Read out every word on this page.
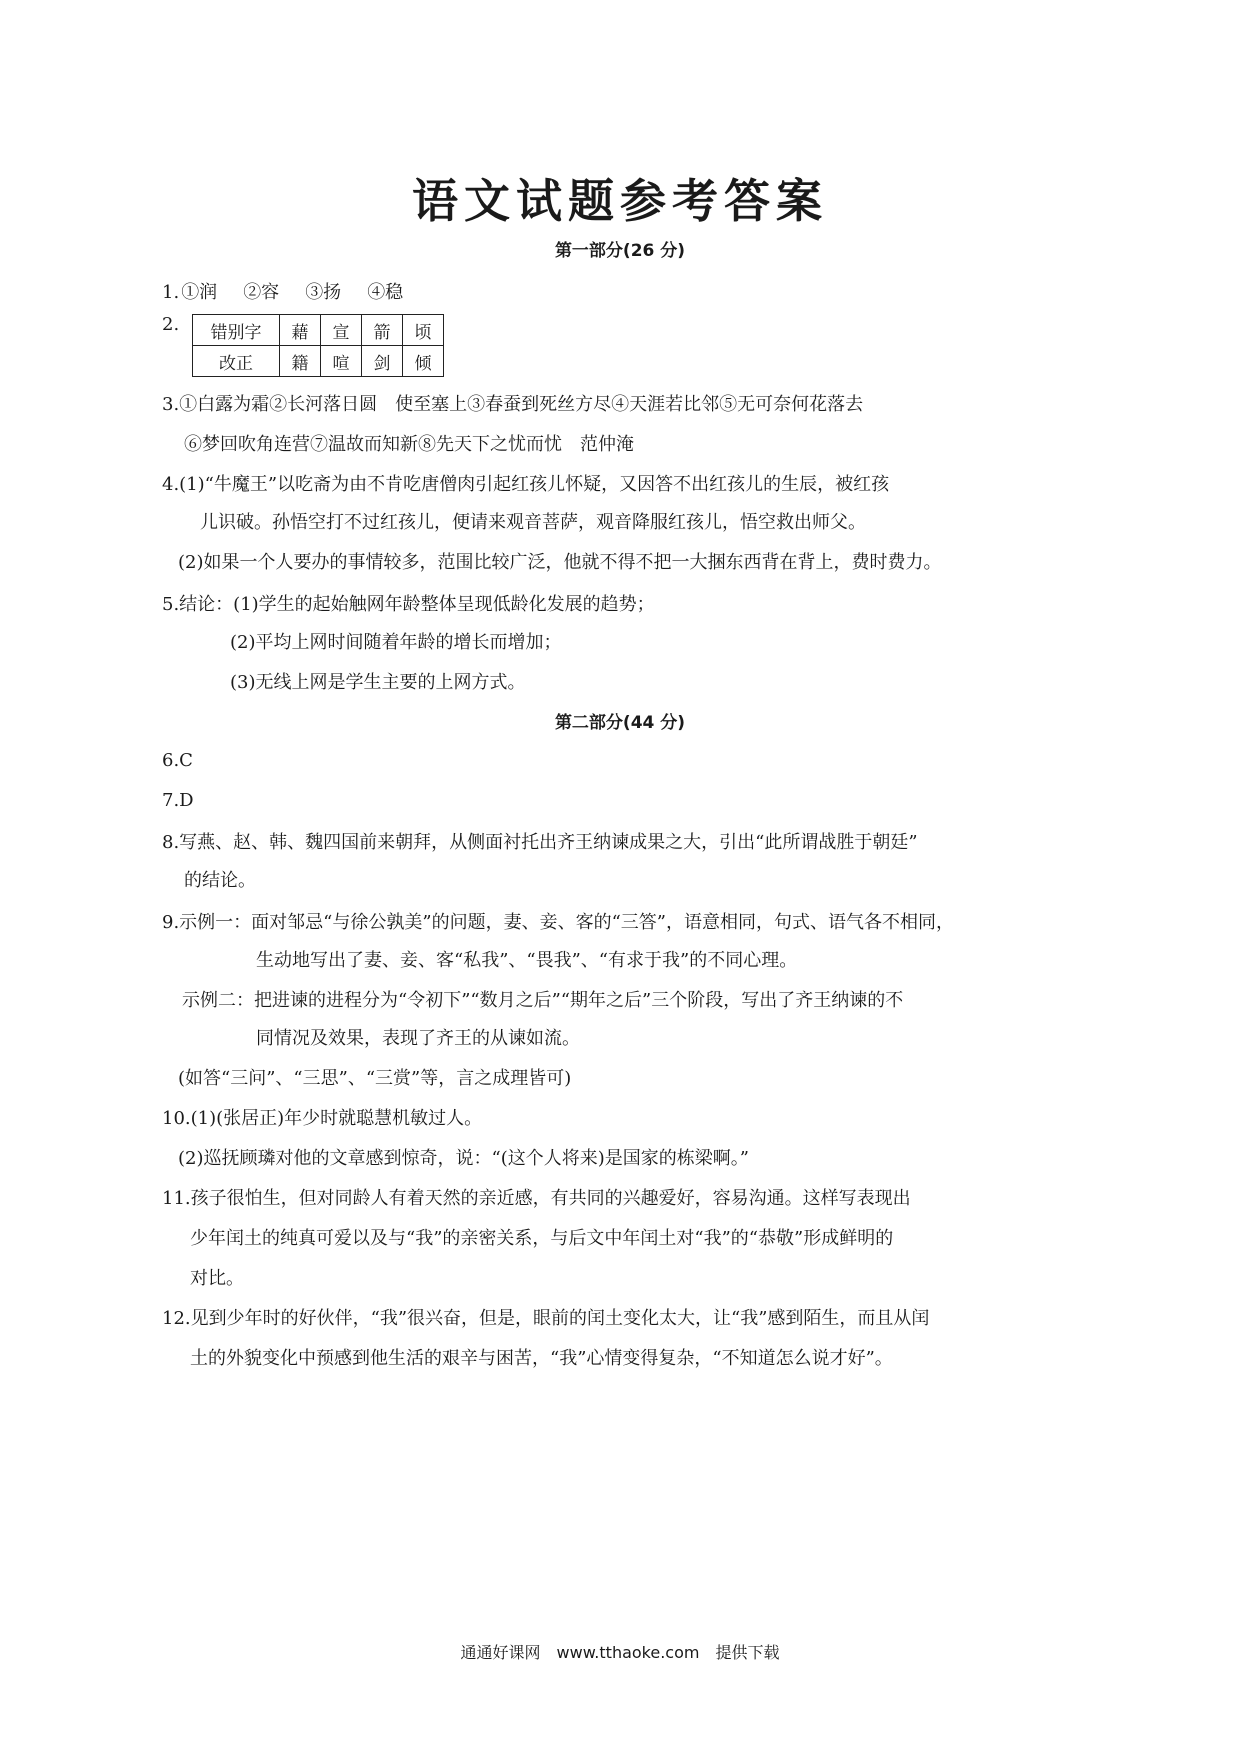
语文试题参考答案
第一部分(26 分)
1. ①润 ②容 ③扬 ④稳
2. 错别字	藉	宣	箭	顷
改正	籍	喧	剑	倾
3.①白露为霜②长河落日圆　使至塞上③春蚕到死丝方尽④天涯若比邻⑤无可奈何花落去
⑥梦回吹角连营⑦温故而知新⑧先天下之忧而忧　范仲淹
4.(1)“牛魔王”以吃斋为由不肯吃唐僧肉引起红孩儿怀疑，又因答不出红孩儿的生辰，被红孩
儿识破。孙悟空打不过红孩儿，便请来观音菩萨，观音降服红孩儿，悟空救出师父。
(2)如果一个人要办的事情较多，范围比较广泛，他就不得不把一大捆东西背在背上，费时费力。
5.结论：(1)学生的起始触网年龄整体呈现低龄化发展的趋势；
(2)平均上网时间随着年龄的增长而增加；
(3)无线上网是学生主要的上网方式。
第二部分(44 分)
6.C
7.D
8.写燕、赵、韩、魏四国前来朝拜，从侧面衬托出齐王纳谏成果之大，引出“此所谓战胜于朝廷”
的结论。
9.示例一：面对邹忌“与徐公孰美”的问题，妻、妾、客的“三答”，语意相同，句式、语气各不相同，
生动地写出了妻、妾、客“私我”、“畏我”、“有求于我”的不同心理。
示例二：把进谏的进程分为“令初下”“数月之后”“期年之后”三个阶段，写出了齐王纳谏的不
同情况及效果，表现了齐王的从谏如流。
(如答“三问”、“三思”、“三赏”等，言之成理皆可)
10.(1)(张居正)年少时就聪慧机敏过人。
(2)巡抚顾璘对他的文章感到惊奇，说：“(这个人将来)是国家的栋梁啊。”
11.孩子很怕生，但对同龄人有着天然的亲近感，有共同的兴趣爱好，容易沟通。这样写表现出
少年闰土的纯真可爱以及与“我”的亲密关系，与后文中年闰土对“我”的“恭敬”形成鲜明的
对比。
12.见到少年时的好伙伴，“我”很兴奋，但是，眼前的闰土变化太大，让“我”感到陌生，而且从闰
土的外貌变化中预感到他生活的艰辛与困苦，“我”心情变得复杂，“不知道怎么说才好”。
通通好课网　www.tthaoke.com　提供下载
